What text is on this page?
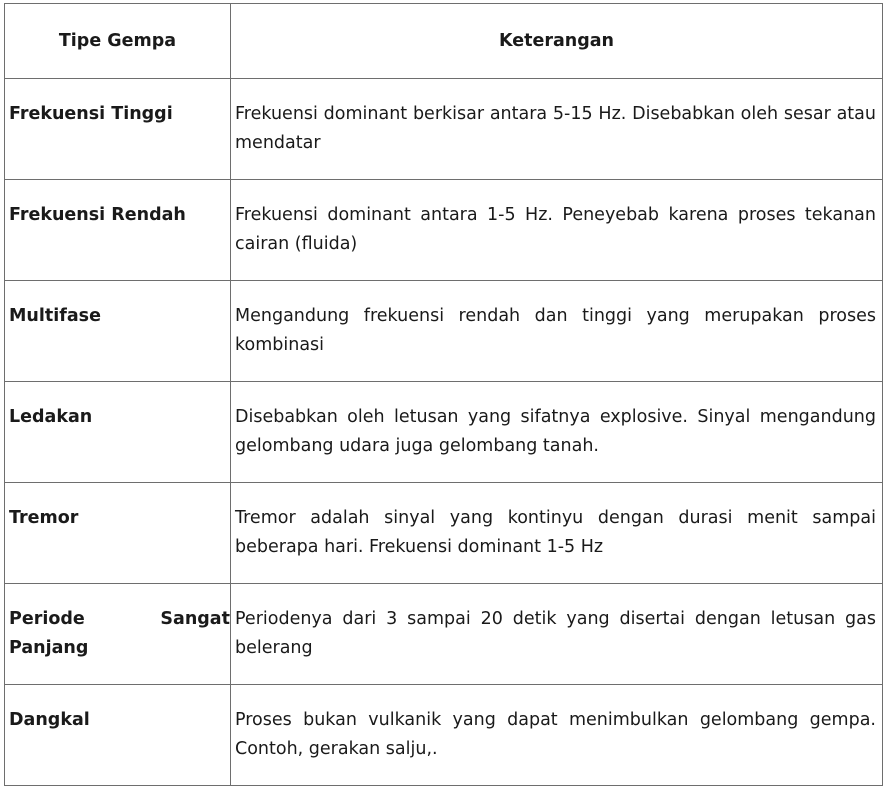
Tipe Gempa	Keterangan
Frekuensi Tinggi	Frekuensi dominant berkisar antara 5-15 Hz. Disebabkan oleh sesar atau mendatar
Frekuensi Rendah	Frekuensi dominant antara 1-5 Hz. Peneyebab karena proses tekanan cairan (fluida)
Multifase	Mengandung frekuensi rendah dan tinggi yang merupakan proses kombinasi
Ledakan	Disebabkan oleh letusan yang sifatnya explosive. Sinyal mengandung gelombang udara juga gelombang tanah.
Tremor	Tremor adalah sinyal yang kontinyu dengan durasi menit sampai beberapa hari. Frekuensi dominant 1-5 Hz
Periode Sangat Panjang	Periodenya dari 3 sampai 20 detik yang disertai dengan letusan gas belerang
Dangkal	Proses bukan vulkanik yang dapat menimbulkan gelombang gempa. Contoh, gerakan salju,.
